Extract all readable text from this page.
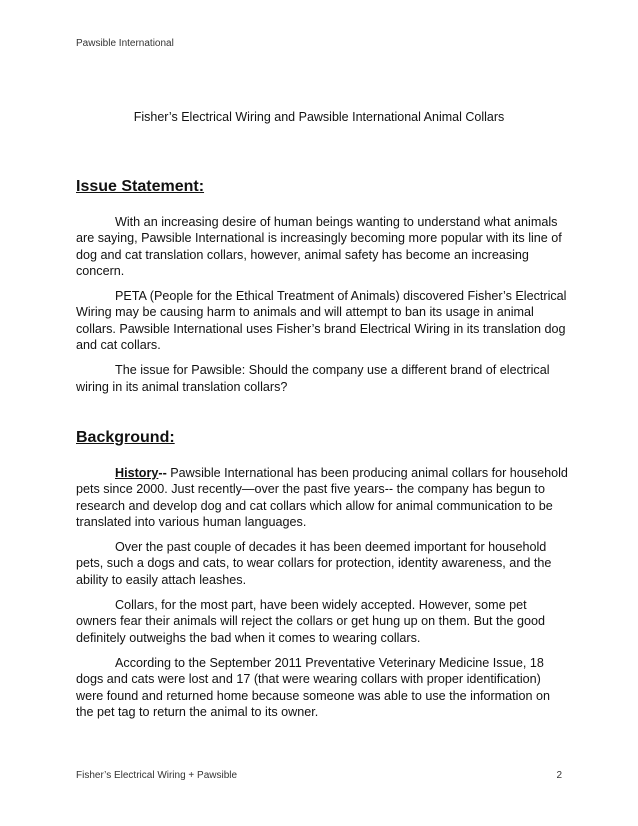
Pawsible International
Fisher’s Electrical Wiring and Pawsible International Animal Collars
Issue Statement:

With an increasing desire of human beings wanting to understand what animals are saying, Pawsible International is increasingly becoming more popular with its line of dog and cat translation collars, however, animal safety has become an increasing concern.

PETA (People for the Ethical Treatment of Animals) discovered Fisher’s Electrical Wiring may be causing harm to animals and will attempt to ban its usage in animal collars. Pawsible International uses Fisher’s brand Electrical Wiring in its translation dog and cat collars.

The issue for Pawsible: Should the company use a different brand of electrical wiring in its animal translation collars?

Background:

History-- Pawsible International has been producing animal collars for household pets since 2000. Just recently—over the past five years-- the company has begun to research and develop dog and cat collars which allow for animal communication to be translated into various human languages.

Over the past couple of decades it has been deemed important for household pets, such a dogs and cats, to wear collars for protection, identity awareness, and the ability to easily attach leashes.

Collars, for the most part, have been widely accepted. However, some pet owners fear their animals will reject the collars or get hung up on them. But the good definitely outweighs the bad when it comes to wearing collars.

According to the September 2011 Preventative Veterinary Medicine Issue, 18 dogs and cats were lost and 17 (that were wearing collars with proper identification) were found and returned home because someone was able to use the information on the pet tag to return the animal to its owner.

Fisher’s Electrical Wiring + Pawsible	2
